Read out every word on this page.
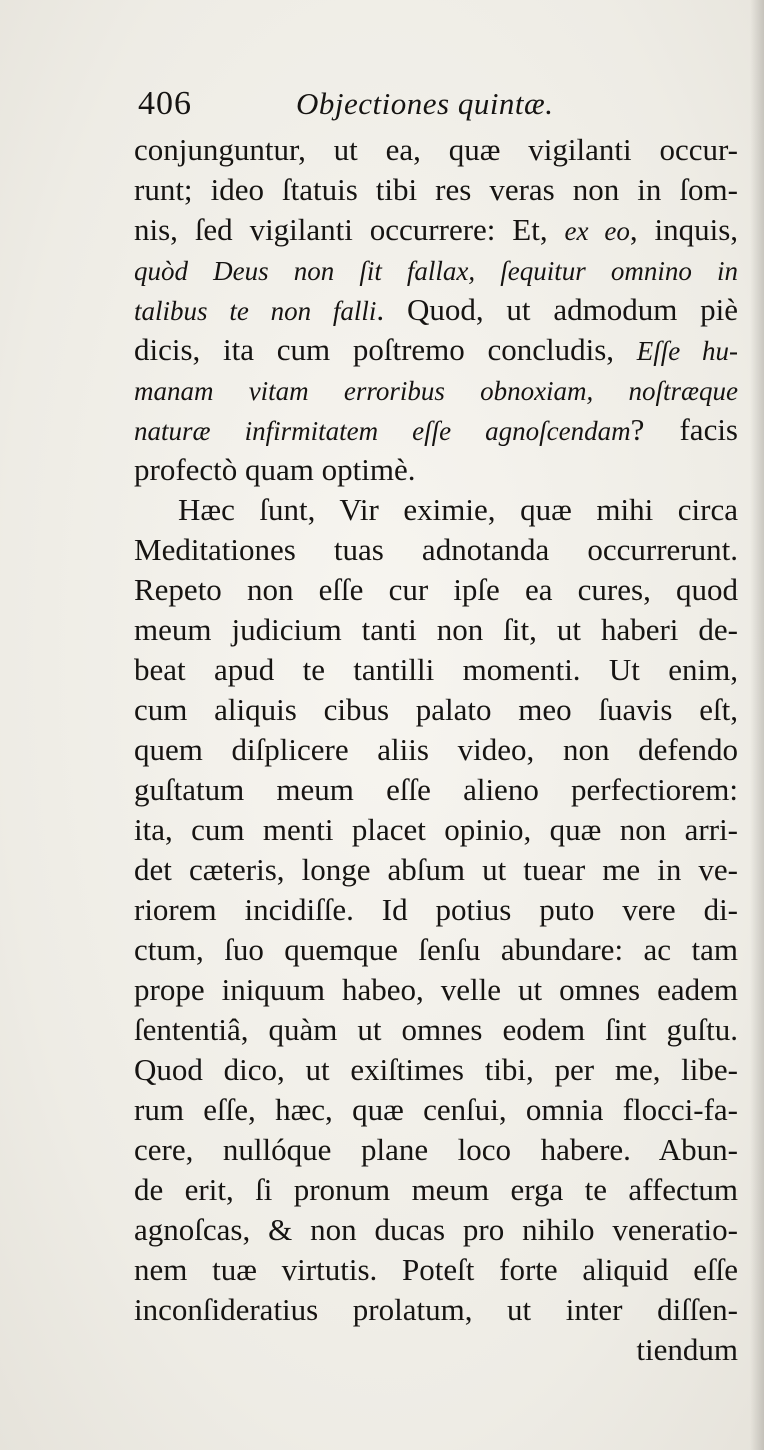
406	Objectiones quintæ.
conjunguntur, ut ea, quæ vigilanti occur-
runt; ideo ſtatuis tibi res veras non in ſom-
nis, ſed vigilanti occurrere: Et, ex eo, inquis,
quòd Deus non ſit fallax, ſequitur omnino in
talibus te non falli. Quod, ut admodum piè
dicis, ita cum poſtremo concludis, Eſſe hu-
manam vitam erroribus obnoxiam, noſtræque
naturæ infirmitatem eſſe agnoſcendam? facis
profectò quam optimè.
Hæc ſunt, Vir eximie, quæ mihi circa
Meditationes tuas adnotanda occurrerunt.
Repeto non eſſe cur ipſe ea cures, quod
meum judicium tanti non ſit, ut haberi de-
beat apud te tantilli momenti. Ut enim,
cum aliquis cibus palato meo ſuavis eſt,
quem diſplicere aliis video, non defendo
guſtatum meum eſſe alieno perfectiorem:
ita, cum menti placet opinio, quæ non arri-
det cæteris, longe abſum ut tuear me in ve-
riorem incidiſſe. Id potius puto vere di-
ctum, ſuo quemque ſenſu abundare: ac tam
prope iniquum habeo, velle ut omnes eadem
ſententiâ, quàm ut omnes eodem ſint guſtu.
Quod dico, ut exiſtimes tibi, per me, libe-
rum eſſe, hæc, quæ cenſui, omnia flocci-fa-
cere, nullóque plane loco habere. Abun-
de erit, ſi pronum meum erga te affectum
agnoſcas, & non ducas pro nihilo veneratio-
nem tuæ virtutis. Poteſt forte aliquid eſſe
inconſideratius prolatum, ut inter diſſen-
tiendum
